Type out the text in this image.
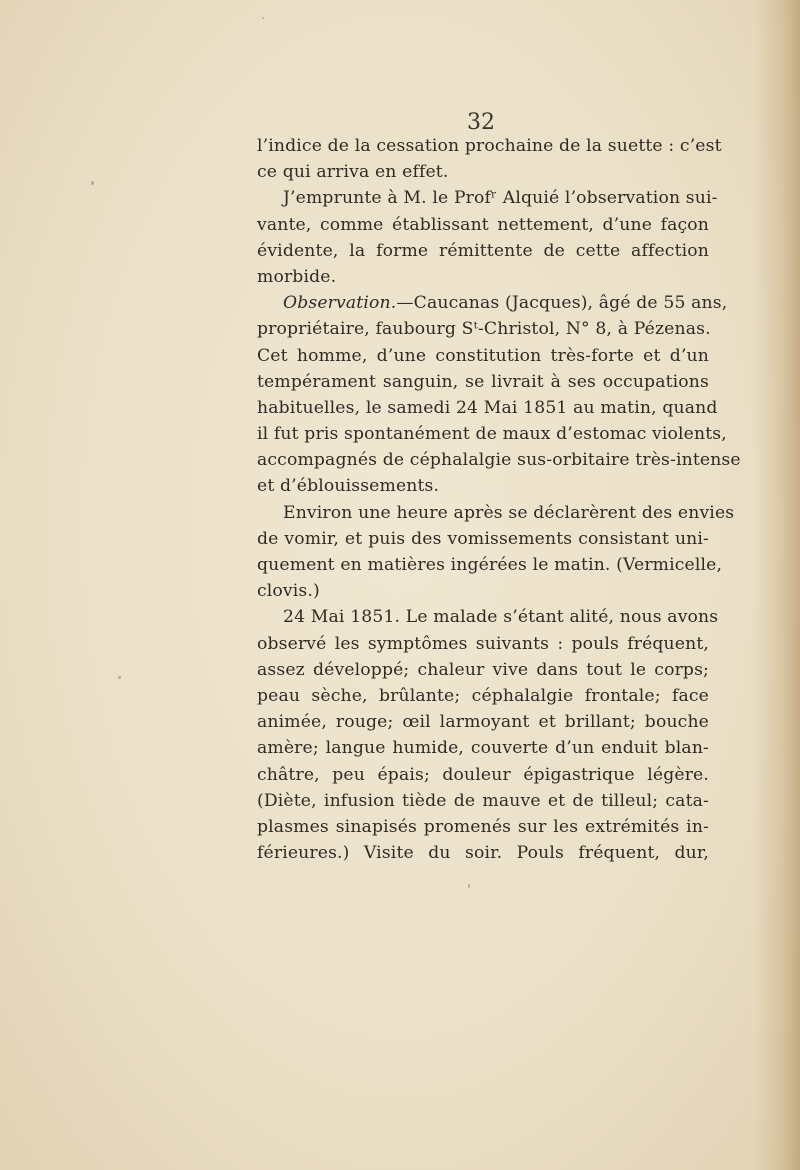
32
l’indice de la cessation prochaine de la suette : c’est
ce qui arriva en effet.
J’emprunte à M. le Profʳ Alquié l’observation sui-
vante, comme établissant nettement, d’une façon
évidente, la forme rémittente de cette affection
morbide.
Observation.—Caucanas (Jacques), âgé de 55 ans,
propriétaire, faubourg Sᵗ-Christol, N° 8, à Pézenas.
Cet homme, d’une constitution très-forte et d’un
tempérament sanguin, se livrait à ses occupations
habituelles, le samedi 24 Mai 1851 au matin, quand
il fut pris spontanément de maux d’estomac violents,
accompagnés de céphalalgie sus-orbitaire très-intense
et d’éblouissements.
Environ une heure après se déclarèrent des envies
de vomir, et puis des vomissements consistant uni-
quement en matières ingérées le matin. (Vermicelle,
clovis.)
24 Mai 1851. Le malade s’étant alité, nous avons
observé les symptômes suivants : pouls fréquent,
assez développé; chaleur vive dans tout le corps;
peau sèche, brûlante; céphalalgie frontale; face
animée, rouge; œil larmoyant et brillant; bouche
amère; langue humide, couverte d’un enduit blan-
châtre, peu épais; douleur épigastrique légère.
(Diète, infusion tiède de mauve et de tilleul; cata-
plasmes sinapisés promenés sur les extrémités in-
férieures.) Visite du soir. Pouls fréquent, dur,
